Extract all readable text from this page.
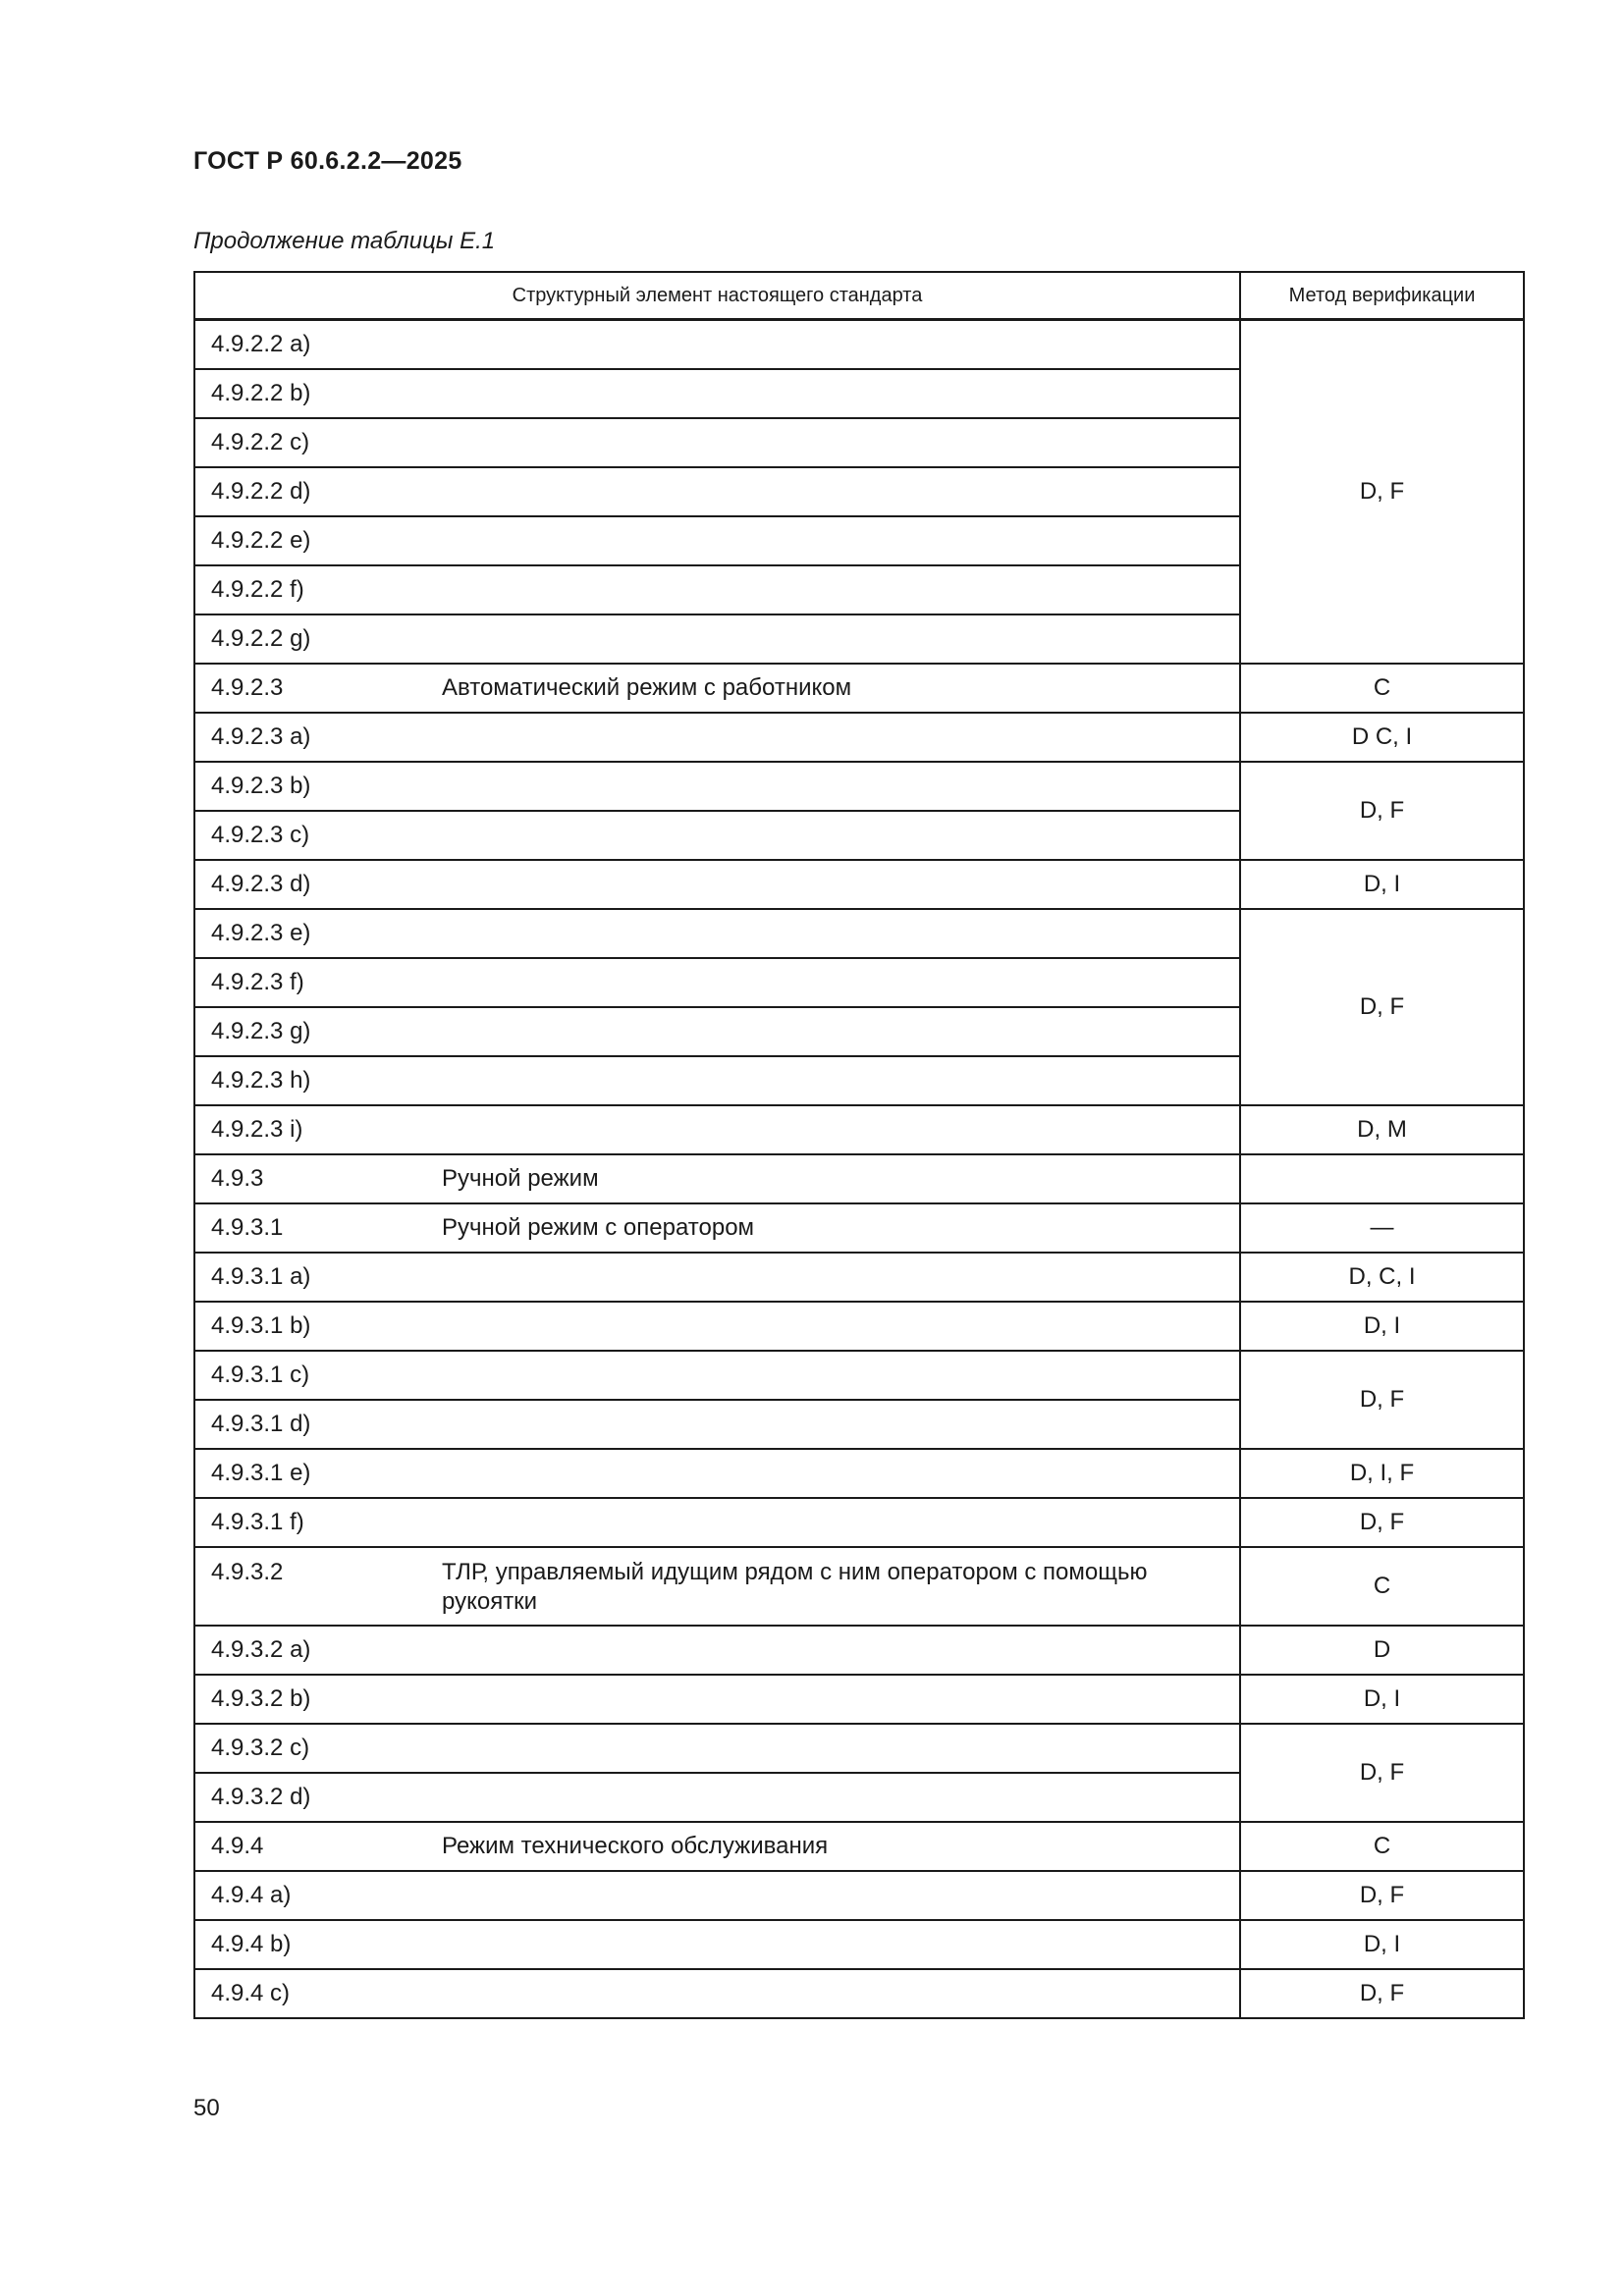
ГОСТ Р 60.6.2.2—2025
Продолжение таблицы Е.1
Структурный элемент настоящего стандарта		Метод верификации
4.9.2.2 a)		D, F
4.9.2.2 b)		
4.9.2.2 c)		
4.9.2.2 d)		
4.9.2.2 e)		
4.9.2.2 f)		
4.9.2.2 g)		
4.9.2.3	Автоматический режим с работником	C
4.9.2.3 a)		D C, I
4.9.2.3 b)		D, F
4.9.2.3 c)		
4.9.2.3 d)		D, I
4.9.2.3 e)		D, F
4.9.2.3 f)		
4.9.2.3 g)		
4.9.2.3 h)		
4.9.2.3 i)		D, M
4.9.3	Ручной режим	
4.9.3.1	Ручной режим с оператором	—
4.9.3.1 a)		D, C, I
4.9.3.1 b)		D, I
4.9.3.1 c)		D, F
4.9.3.1 d)		
4.9.3.1 e)		D, I, F
4.9.3.1 f)		D, F
4.9.3.2	ТЛР, управляемый идущим рядом с ним оператором с помощью рукоятки	C
4.9.3.2 a)		D
4.9.3.2 b)		D, I
4.9.3.2 c)		D, F
4.9.3.2 d)		
4.9.4	Режим технического обслуживания	C
4.9.4 a)		D, F
4.9.4 b)		D, I
4.9.4 c)		D, F
50
